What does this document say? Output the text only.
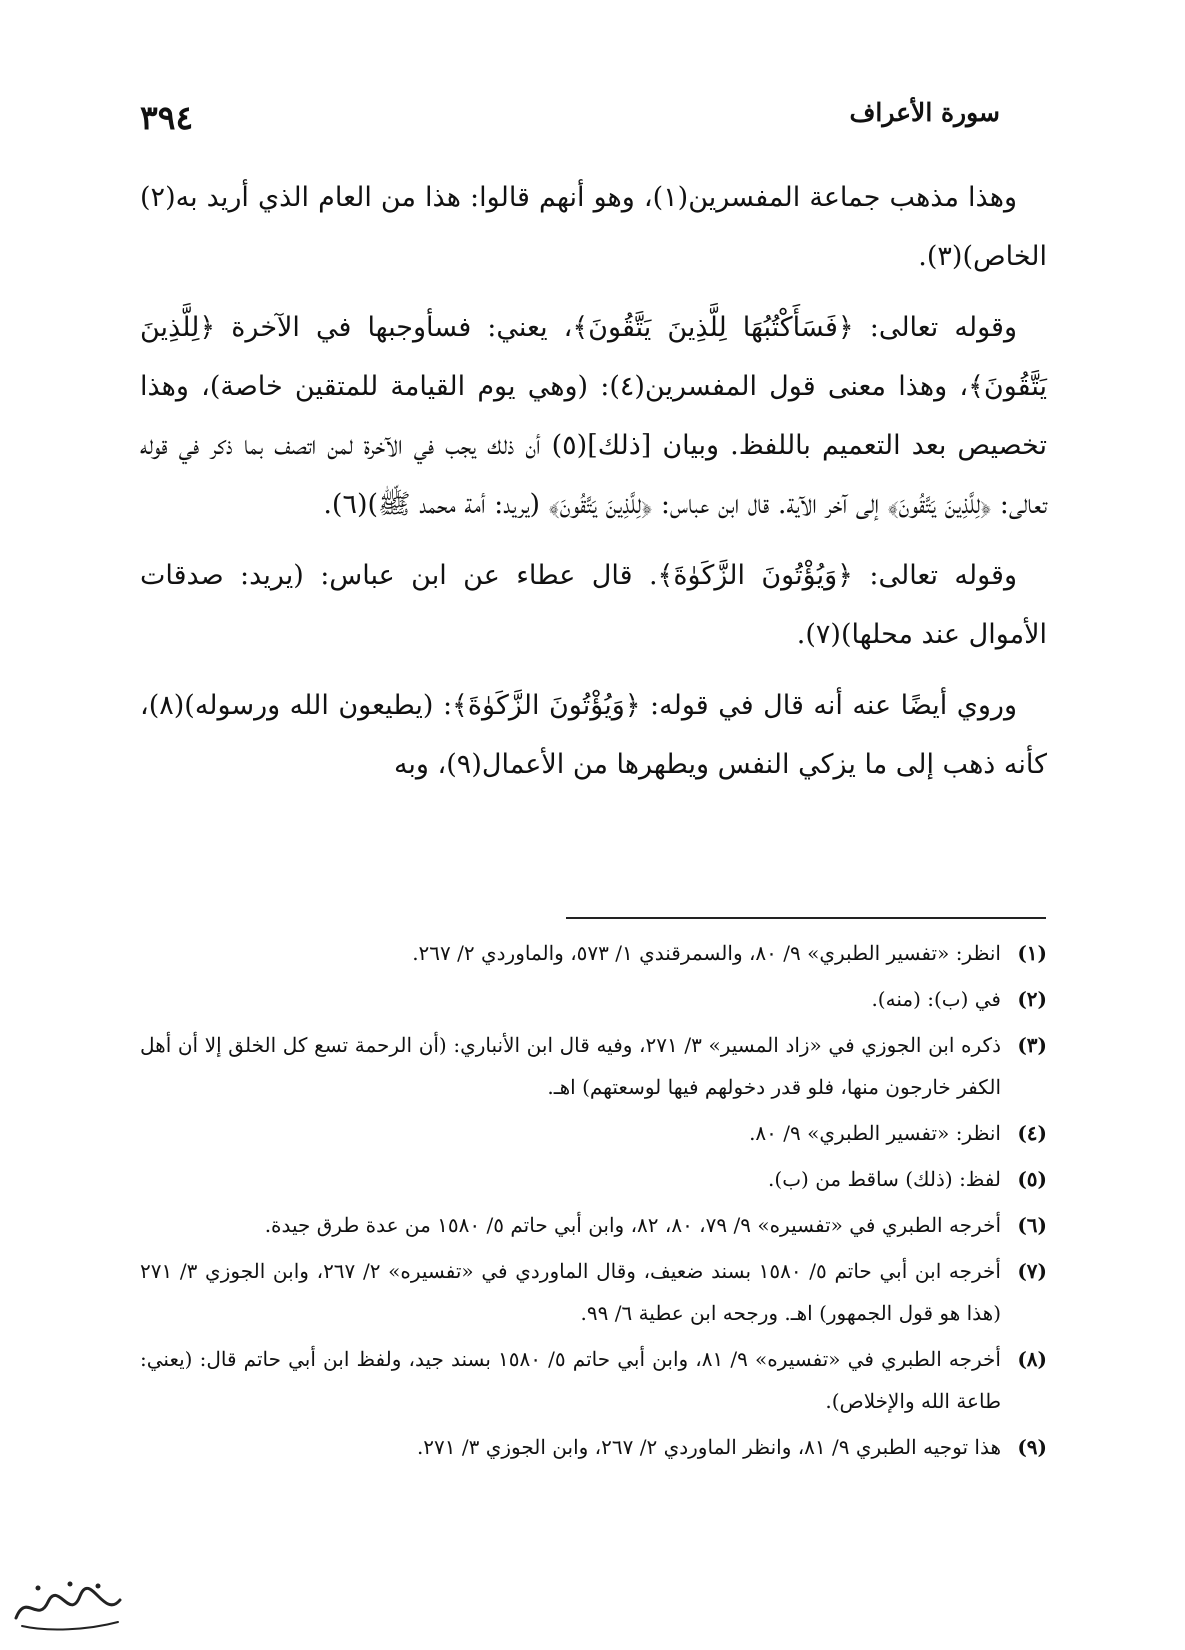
سورة الأعراف
٣٩٤

وهذا مذهب جماعة المفسرين(١)، وهو أنهم قالوا: هذا من العام الذي أريد به(٢) الخاص)(٣).

وقوله تعالى: ﴿فَسَأَكْتُبُهَا لِلَّذِينَ يَتَّقُونَ﴾، يعني: فسأوجبها في الآخرة ﴿لِلَّذِينَ يَتَّقُونَ﴾، وهذا معنى قول المفسرين(٤): (وهي يوم القيامة للمتقين خاصة)، وهذا تخصيص بعد التعميم باللفظ. وبيان [ذلك](٥) أن ذلك يجب في الآخرة لمن اتصف بما ذكر في قوله تعالى: ﴿لِلَّذِينَ يَتَّقُونَ﴾ إلى آخر الآية. قال ابن عباس: ﴿لِلَّذِينَ يَتَّقُونَ﴾ (يريد: أمة محمد ﷺ)(٦).

وقوله تعالى: ﴿وَيُؤْتُونَ الزَّكَوٰةَ﴾. قال عطاء عن ابن عباس: (يريد: صدقات الأموال عند محلها)(٧).

وروي أيضًا عنه أنه قال في قوله: ﴿وَيُؤْتُونَ الزَّكَوٰةَ﴾: (يطيعون الله ورسوله)(٨)، كأنه ذهب إلى ما يزكي النفس ويطهرها من الأعمال(٩)، وبه

(١)
انظر: «تفسير الطبري» ٩/ ٨٠، والسمرقندي ١/ ٥٧٣، والماوردي ٢/ ٢٦٧.
(٢)
في (ب): (منه).
(٣)
ذكره ابن الجوزي في «زاد المسير» ٣/ ٢٧١، وفيه قال ابن الأنباري: (أن الرحمة تسع كل الخلق إلا أن أهل الكفر خارجون منها، فلو قدر دخولهم فيها لوسعتهم) اهـ.
(٤)
انظر: «تفسير الطبري» ٩/ ٨٠.
(٥)
لفظ: (ذلك) ساقط من (ب).
(٦)
أخرجه الطبري في «تفسيره» ٩/ ٧٩، ٨٠، ٨٢، وابن أبي حاتم ٥/ ١٥٨٠ من عدة طرق جيدة.
(٧)
أخرجه ابن أبي حاتم ٥/ ١٥٨٠ بسند ضعيف، وقال الماوردي في «تفسيره» ٢/ ٢٦٧، وابن الجوزي ٣/ ٢٧١ (هذا هو قول الجمهور) اهـ. ورجحه ابن عطية ٦/ ٩٩.
(٨)
أخرجه الطبري في «تفسيره» ٩/ ٨١، وابن أبي حاتم ٥/ ١٥٨٠ بسند جيد، ولفظ ابن أبي حاتم قال: (يعني: طاعة الله والإخلاص).
(٩)
هذا توجيه الطبري ٩/ ٨١، وانظر الماوردي ٢/ ٢٦٧، وابن الجوزي ٣/ ٢٧١.
